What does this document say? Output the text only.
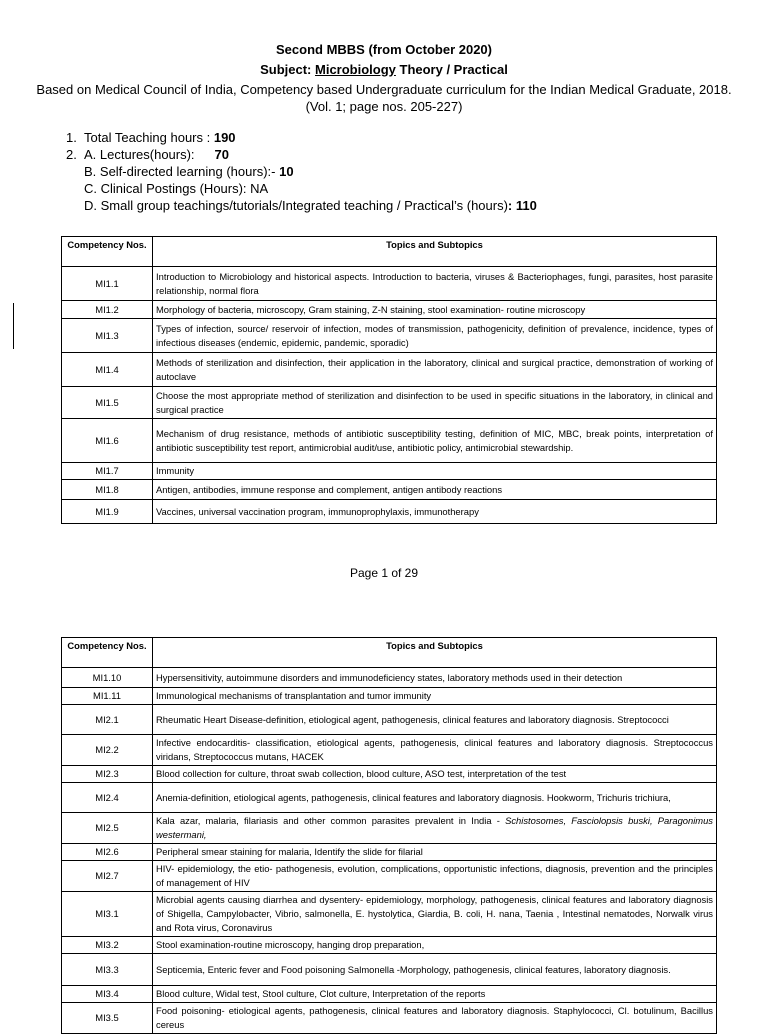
Second MBBS (from October 2020)
Subject: Microbiology Theory / Practical
Based on Medical Council of India, Competency based Undergraduate curriculum for the Indian Medical Graduate, 2018. (Vol. 1; page nos. 205-227)
1. Total Teaching hours : 190
2. A. Lectures(hours): 70
B. Self-directed learning (hours):- 10
C. Clinical Postings (Hours): NA
D. Small group teachings/tutorials/Integrated teaching / Practical’s (hours): 110
Competency Nos.	Topics and Subtopics
MI1.1	Introduction to Microbiology and historical aspects. Introduction to bacteria, viruses & Bacteriophages, fungi, parasites, host parasite relationship, normal flora
MI1.2	Morphology of bacteria, microscopy, Gram staining, Z-N staining, stool examination- routine microscopy
MI1.3	Types of infection, source/ reservoir of infection, modes of transmission, pathogenicity, definition of prevalence, incidence, types of infectious diseases (endemic, epidemic, pandemic, sporadic)
MI1.4	Methods of sterilization and disinfection, their application in the laboratory, clinical and surgical practice, demonstration of working of autoclave
MI1.5	Choose the most appropriate method of sterilization and disinfection to be used in specific situations in the laboratory, in clinical and surgical practice
MI1.6	Mechanism of drug resistance, methods of antibiotic susceptibility testing, definition of MIC, MBC, break points, interpretation of antibiotic susceptibility test report, antimicrobial audit/use, antibiotic policy, antimicrobial stewardship.
MI1.7	Immunity
MI1.8	Antigen, antibodies, immune response and complement, antigen antibody reactions
MI1.9	Vaccines, universal vaccination program, immunoprophylaxis, immunotherapy
Page 1 of 29
Competency Nos.	Topics and Subtopics
MI1.10	Hypersensitivity, autoimmune disorders and immunodeficiency states, laboratory methods used in their detection
MI1.11	Immunological mechanisms of transplantation and tumor immunity
MI2.1	Rheumatic Heart Disease-definition, etiological agent, pathogenesis, clinical features and laboratory diagnosis. Streptococci
MI2.2	Infective endocarditis- classification, etiological agents, pathogenesis, clinical features and laboratory diagnosis. Streptococcus viridans, Streptococcus mutans, HACEK
MI2.3	Blood collection for culture, throat swab collection, blood culture, ASO test, interpretation of the test
MI2.4	Anemia-definition, etiological agents, pathogenesis, clinical features and laboratory diagnosis. Hookworm, Trichuris trichiura,
MI2.5	Kala azar, malaria, filariasis and other common parasites prevalent in India - Schistosomes, Fasciolopsis buski, Paragonimus westermani,
MI2.6	Peripheral smear staining for malaria, Identify the slide for filarial
MI2.7	HIV- epidemiology, the etio- pathogenesis, evolution, complications, opportunistic infections, diagnosis, prevention and the principles of management of HIV
MI3.1	Microbial agents causing diarrhea and dysentery- epidemiology, morphology, pathogenesis, clinical features and laboratory diagnosis of Shigella, Campylobacter, Vibrio, salmonella, E. hystolytica, Giardia, B. coli, H. nana, Taenia , Intestinal nematodes, Norwalk virus and Rota virus, Coronavirus
MI3.2	Stool examination-routine microscopy, hanging drop preparation,
MI3.3	Septicemia, Enteric fever and Food poisoning Salmonella -Morphology, pathogenesis, clinical features, laboratory diagnosis.
MI3.4	Blood culture, Widal test, Stool culture, Clot culture, Interpretation of the reports
MI3.5	Food poisoning- etiological agents, pathogenesis, clinical features and laboratory diagnosis. Staphylococci, Cl. botulinum, Bacillus cereus
